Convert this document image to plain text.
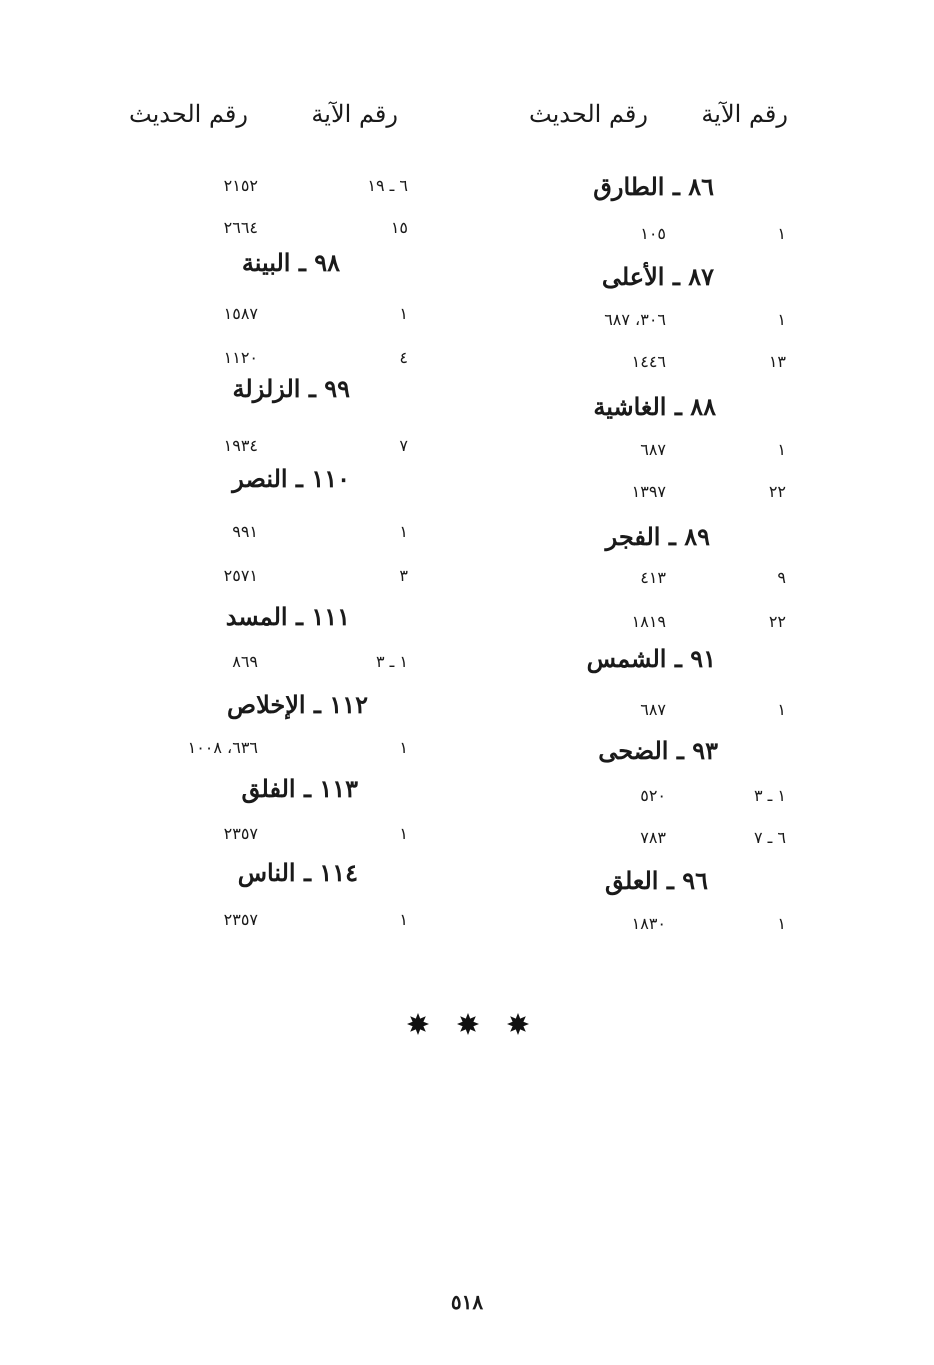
رقم الآية
رقم الحديث
رقم الآية
رقم الحديث
٨٦ ـ الطارق
١
١٠٥
٨٧ ـ الأعلى
١
٣٠٦، ٦٨٧
١٣
١٤٤٦
٨٨ ـ الغاشية
١
٦٨٧
٢٢
١٣٩٧
٨٩ ـ الفجر
٩
٤١٣
٢٢
١٨١٩
٩١ ـ الشمس
١
٦٨٧
٩٣ ـ الضحى
١ ـ ٣
٥٢٠
٦ ـ ٧
٧٨٣
٩٦ ـ العلق
١
١٨٣٠
٦ ـ ١٩
٢١٥٢
١٥
٢٦٦٤
٩٨ ـ البينة
١
١٥٨٧
٤
١١٢٠
٩٩ ـ الزلزلة
٧
١٩٣٤
١١٠ ـ النصر
١
٩٩١
٣
٢٥٧١
١١١ ـ المسد
١ ـ ٣
٨٦٩
١١٢ ـ الإخلاص
١
٦٣٦، ١٠٠٨
١١٣ ـ الفلق
١
٢٣٥٧
١١٤ ـ الناس
١
٢٣٥٧
٥١٨
